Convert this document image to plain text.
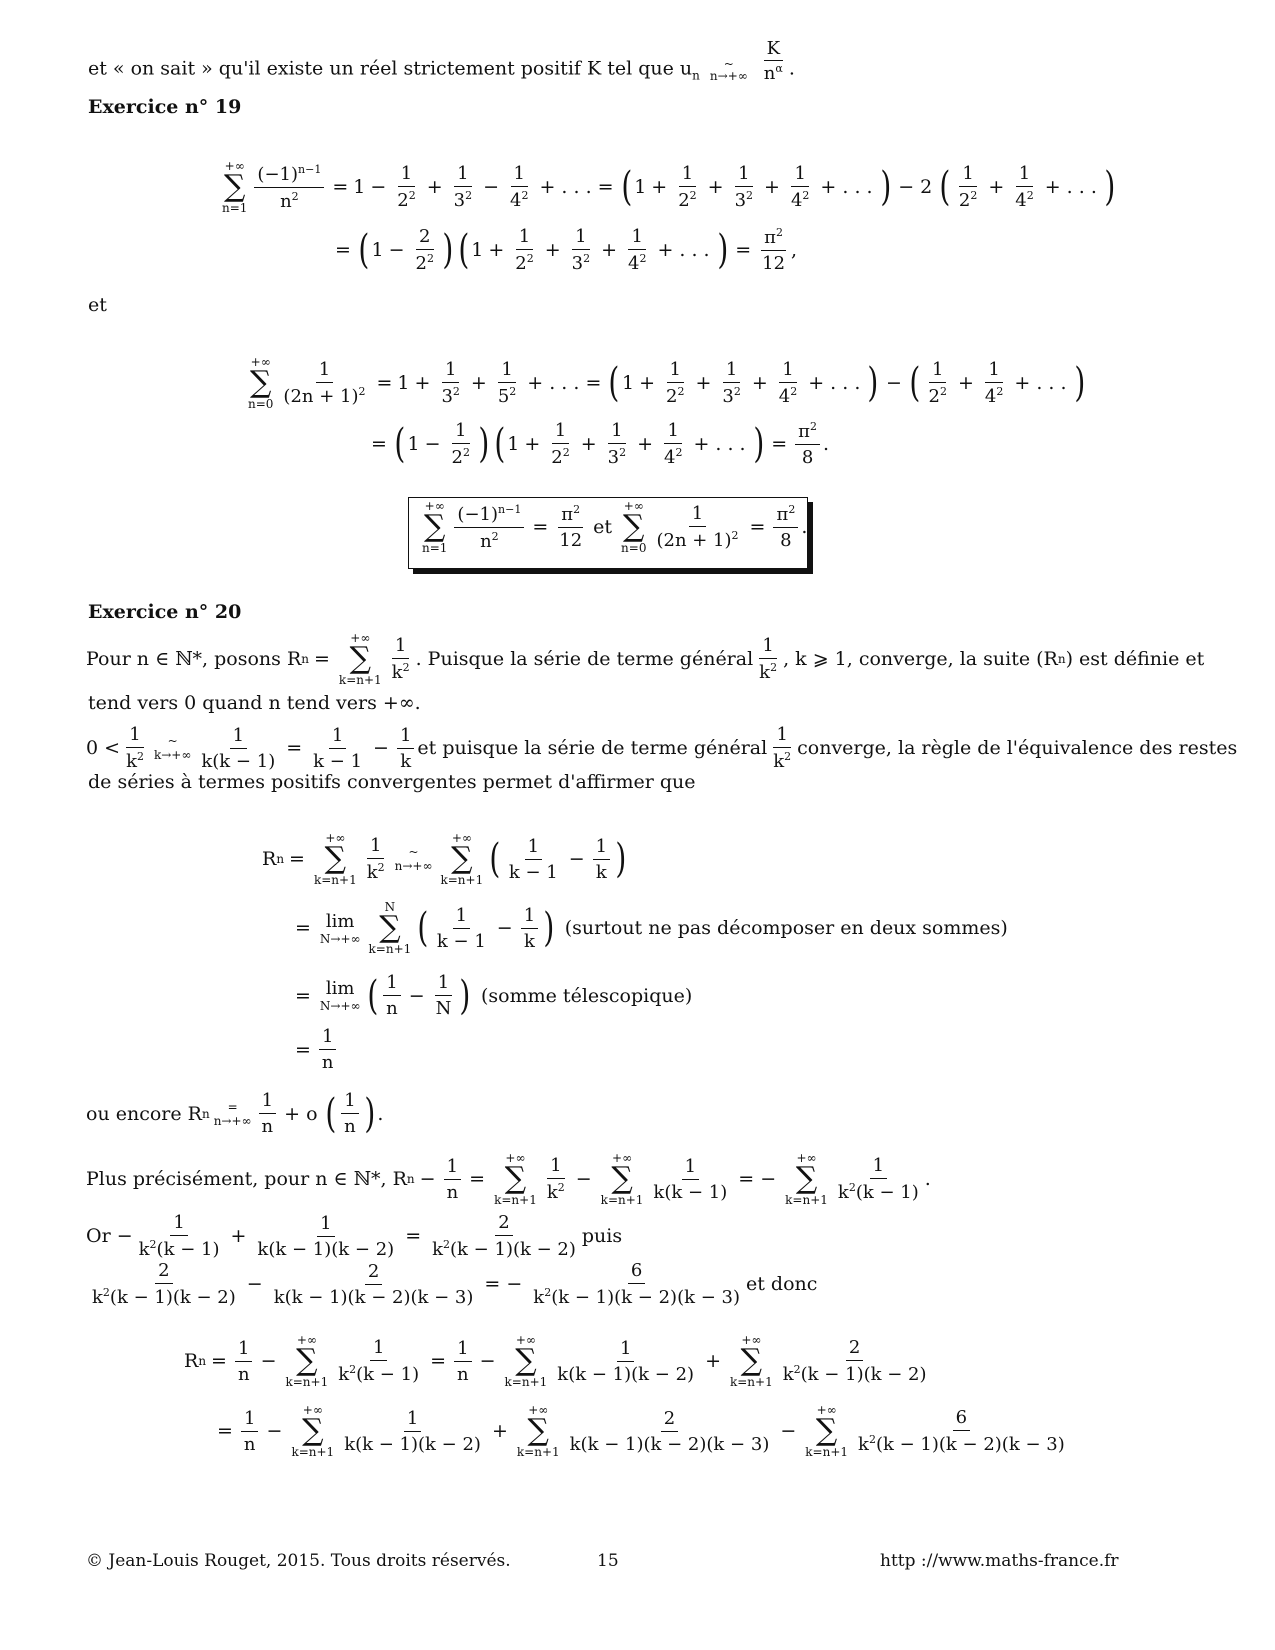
et « on sait » qu'il existe un réel strictement positif K tel que $u_n$
~
n→+∞
$\frac{K}{n^\alpha}$ .
Exercice n° 19
+∞
∑
$n=1 \frac{(-1)^{n-1}}{n^2} = 1 - \frac{1}{2^2} + \frac{1}{3^2} - \frac{1}{4^2}$ + . . . = ( $1 + \frac{1}{2^2} + \frac{1}{3^2} + \frac{1}{4^2}$ + . . . ) − 2 ( $\frac{1}{2^2} + \frac{1}{4^2}$ + . . . )
= ( $1 - \frac{2}{2^2}$ ) ( $1 + \frac{1}{2^2} + \frac{1}{3^2} + \frac{1}{4^2}$ + . . . ) = $\frac{\pi^2}{12}$ ,
et
+∞
∑
$n=0 \frac{1}{(2n + 1)^2} = 1 + \frac{1}{3^2} + \frac{1}{5^2}$ + . . . = ( $1 + \frac{1}{2^2} + \frac{1}{3^2} + \frac{1}{4^2}$ + . . . ) − ( $\frac{1}{2^2} + \frac{1}{4^2}$ + . . . )
= ( $1 - \frac{1}{2^2}$ ) ( $1 + \frac{1}{2^2} + \frac{1}{3^2} + \frac{1}{4^2}$ + . . . ) = $\frac{\pi^2}{8}$ .
+∞
∑
$n=1 \frac{(-1)^{n-1}}{n^2} = \frac{\pi^2}{12}$ et
+∞
∑
$n=0 \frac{1}{(2n + 1)^2} = \frac{\pi^2}{8}$ .
Exercice n° 20
Pour n ∈ ℕ*, posons R n =
+∞
∑
$k=n+1 \frac{1}{k^2}$ . Puisque la série de terme général $\frac{1}{k^2}$ , k ⩾ 1, converge, la suite (R n ) est définie et
tend vers 0 quand n tend vers +∞.
$0 < \frac{1}{k^2}$ ~
$k\to+\infty \frac{1}{k(k - 1)} = \frac{1}{k - 1} - \frac{1}{k}$ et puisque la série de terme général $\frac{1}{k^2}$ converge, la règle de l'équivalence des restes
de séries à termes positifs convergentes permet d'affirmer que
R n =
+∞
∑
$k=n+1 \frac{1}{k^2}$ ~
n→+∞
+∞
∑
k=n+1 ( $\frac{1}{k - 1} - \frac{1}{k}$ )
= lim
N→+∞
N
∑
k=n+1 ( $\frac{1}{k - 1} - \frac{1}{k}$ ) (surtout ne pas décomposer en deux sommes)
= lim
N→+∞ ( $\frac{1}{n} - \frac{1}{N}$ ) (somme télescopique)
= $\frac{1}{n}$
ou encore R n =
$n\to+\infty \frac{1}{n} + o$ ( $\frac{1}{n}$ ) .
Plus précisément, pour n ∈ ℕ*, R $n - \frac{1}{n}$ =
+∞
∑
$k=n+1 \frac{1}{k^2}$ −
+∞
∑
$k=n+1 \frac{1}{k(k - 1)}$ = −
+∞
∑
$k=n+1 \frac{1}{k^2(k - 1)}$ .
$Or - \frac{1}{k^2(k - 1)} + \frac{1}{k(k - 1)(k - 2)} = \frac{2}{k^2(k - 1)(k - 2)}$ puis
$\frac{2}{k^2(k - 1)(k - 2)} - \frac{2}{k(k - 1)(k - 2)(k - 3)}$ = − $\frac{6}{k^2(k - 1)(k - 2)(k - 3)}$ et donc
R $n = \frac{1}{n}$ −
+∞
∑
$k=n+1 \frac{1}{k^2(k - 1)} = \frac{1}{n}$ −
+∞
∑
$k=n+1 \frac{1}{k(k - 1)(k - 2)}$ +
+∞
∑
$k=n+1 \frac{2}{k^2(k - 1)(k - 2)}$
= $\frac{1}{n}$ −
+∞
∑
$k=n+1 \frac{1}{k(k - 1)(k - 2)}$ +
+∞
∑
$k=n+1 \frac{2}{k(k - 1)(k - 2)(k - 3)}$ −
+∞
∑
$k=n+1 \frac{6}{k^2(k - 1)(k - 2)(k - 3)}$
© Jean-Louis Rouget, 2015. Tous droits réservés.	15	http ://www.maths-france.fr
